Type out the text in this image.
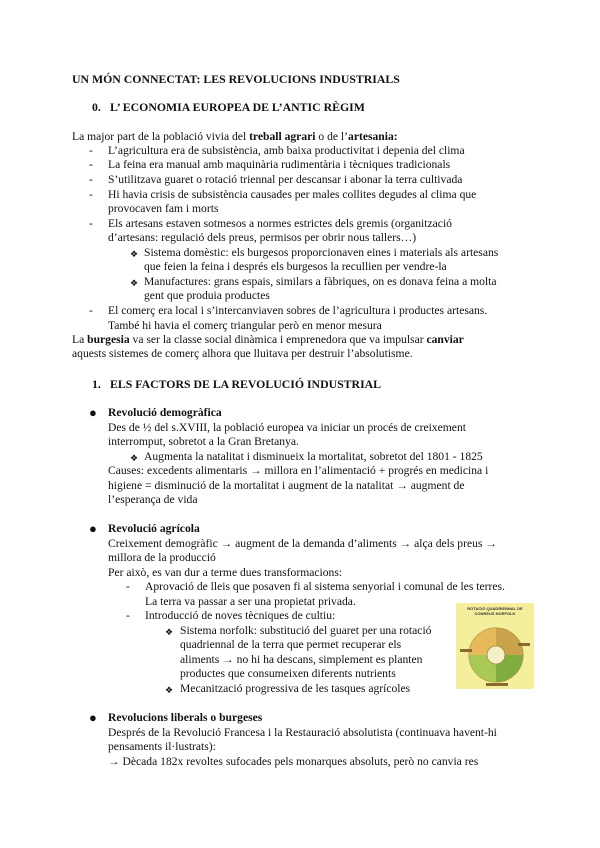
UN MÓN CONNECTAT: LES REVOLUCIONS INDUSTRIALS
0. L’ ECONOMIA EUROPEA DE L’ANTIC RÈGIM
La major part de la població vivia del treball agrari o de l’artesania:
- L’agricultura era de subsistència, amb baixa productivitat i depenia del clima
- La feina era manual amb maquinària rudimentària i tècniques tradicionals
- S’utilitzava guaret o rotació triennal per descansar i abonar la terra cultivada
- Hi havia crisis de subsistència causades per males collites degudes al clima que
provocaven fam i morts
- Els artesans estaven sotmesos a normes estrictes dels gremis (organització
d’artesans: regulació dels preus, permisos per obrir nous tallers…)
❖ Sistema domèstic: els burgesos proporcionaven eines i materials als artesans
que feien la feina i després els burgesos la recullien per vendre-la
❖ Manufactures: grans espais, similars a fàbriques, on es donava feina a molta
gent que produia productes
- El comerç era local i s’intercanviaven sobres de l’agricultura i productes artesans.
També hi havia el comerç triangular però en menor mesura
La burgesia va ser la classe social dinàmica i emprenedora que va impulsar canviar
aquests sistemes de comerç alhora que lluitava per destruir l’absolutisme.
1. ELS FACTORS DE LA REVOLUCIÓ INDUSTRIAL
● Revolució demogràfica
Des de ½ del s.XVIII, la població europea va iniciar un procés de creixement
interromput, sobretot a la Gran Bretanya.
❖ Augmenta la natalitat i disminueix la mortalitat, sobretot del 1801 - 1825
Causes: excedents alimentaris → millora en l’alimentació + progrés en medicina i
higiene = disminució de la mortalitat i augment de la natalitat → augment de
l’esperança de vida
● Revolució agrícola
Creixement demogràfic → augment de la demanda d’aliments → alça dels preus →
millora de la producció
Per això, es van dur a terme dues transformacions:
- Aprovació de lleis que posaven fi al sistema senyorial i comunal de les terres.
La terra va passar a ser una propietat privada.
- Introducció de noves tècniques de cultiu:
❖ Sistema norfolk: substitució del guaret per una rotació
quadriennal de la terra que permet recuperar els
aliments → no hi ha descans, simplement es planten
productes que consumeixen diferents nutrients
❖ Mecanització progressiva de les tasques agrícoles
ROTACIÓ QUADRIENNAL DE CONREUS NORFOLK
● Revolucions liberals o burgeses
Després de la Revolució Francesa i la Restauració absolutista (continuava havent-hi
pensaments il·lustrats):
→ Dècada 182x revoltes sufocades pels monarques absoluts, però no canvia res
